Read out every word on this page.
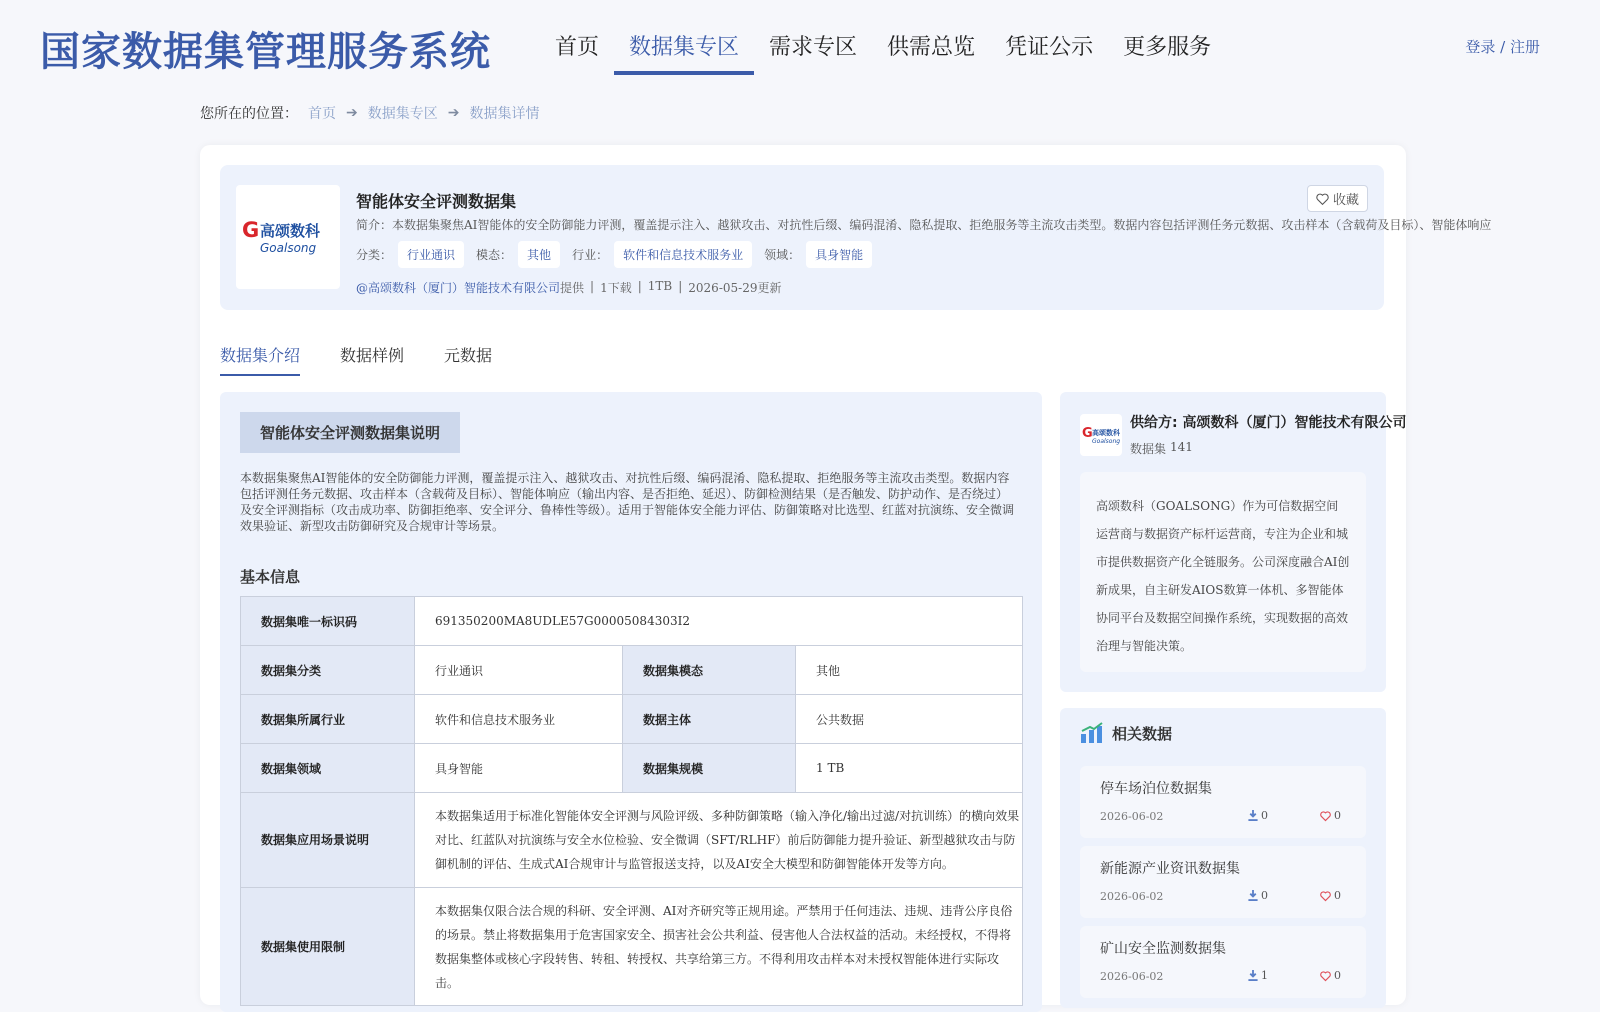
国家数据集管理服务系统	首页	数据集专区	需求专区	供需总览	凭证公示	更多服务	登录 / 注册
您所在的位置： 首页 ➔ 数据集专区 ➔ 数据集详情
G 高颂数科
Goalsong
智能体安全评测数据集
简介：本数据集聚焦AI智能体的安全防御能力评测，覆盖提示注入、越狱攻击、对抗性后缀、编码混淆、隐私提取、拒绝服务等主流攻击类型。数据内容包括评测任务元数据、攻击样本（含载荷及目标）、智能体响应
分类：	行业通识	模态：	其他	行业：	软件和信息技术服务业	领域：	具身智能
@高颂数科（厦门）智能技术有限公司提供 | 1下载 | 1TB | 2026-05-29更新
收藏
数据集介绍	数据样例	元数据
智能体安全评测数据集说明
本数据集聚焦AI智能体的安全防御能力评测，覆盖提示注入、越狱攻击、对抗性后缀、编码混淆、隐私提取、拒绝服务等主流攻击类型。数据内容包括评测任务元数据、攻击样本（含载荷及目标）、智能体响应（输出内容、是否拒绝、延迟）、防御检测结果（是否触发、防护动作、是否绕过）及安全评测指标（攻击成功率、防御拒绝率、安全评分、鲁棒性等级）。适用于智能体安全能力评估、防御策略对比选型、红蓝对抗演练、安全微调效果验证、新型攻击防御研究及合规审计等场景。
基本信息
数据集唯一标识码	691350200MA8UDLE57G00005084303I2		
数据集分类	行业通识	数据集模态	其他
数据集所属行业	软件和信息技术服务业	数据主体	公共数据
数据集领域	具身智能	数据集规模	1 TB
数据集应用场景说明	本数据集适用于标准化智能体安全评测与风险评级、多种防御策略（输入净化/输出过滤/对抗训练）的横向效果对比、红蓝队对抗演练与安全水位检验、安全微调（SFT/RLHF）前后防御能力提升验证、新型越狱攻击与防御机制的评估、生成式AI合规审计与监管报送支持，以及AI安全大模型和防御智能体开发等方向。		
数据集使用限制	本数据集仅限合法合规的科研、安全评测、AI对齐研究等正规用途。严禁用于任何违法、违规、违背公序良俗的场景。禁止将数据集用于危害国家安全、损害社会公共利益、侵害他人合法权益的活动。未经授权，不得将数据集整体或核心字段转售、转租、转授权、共享给第三方。不得利用攻击样本对未授权智能体进行实际攻击。		
G 高颂数科
Goalsong
供给方: 高颂数科（厦门）智能技术有限公司
数据集 141
高颂数科（GOALSONG）作为可信数据空间运营商与数据资产标杆运营商，专注为企业和城市提供数据资产化全链服务。公司深度融合AI创新成果，自主研发AIOS数算一体机、多智能体协同平台及数据空间操作系统，实现数据的高效治理与智能决策。
相关数据
停车场泊位数据集
2026-06-02	0	0
新能源产业资讯数据集
2026-06-02	0	0
矿山安全监测数据集
2026-06-02	1	0
